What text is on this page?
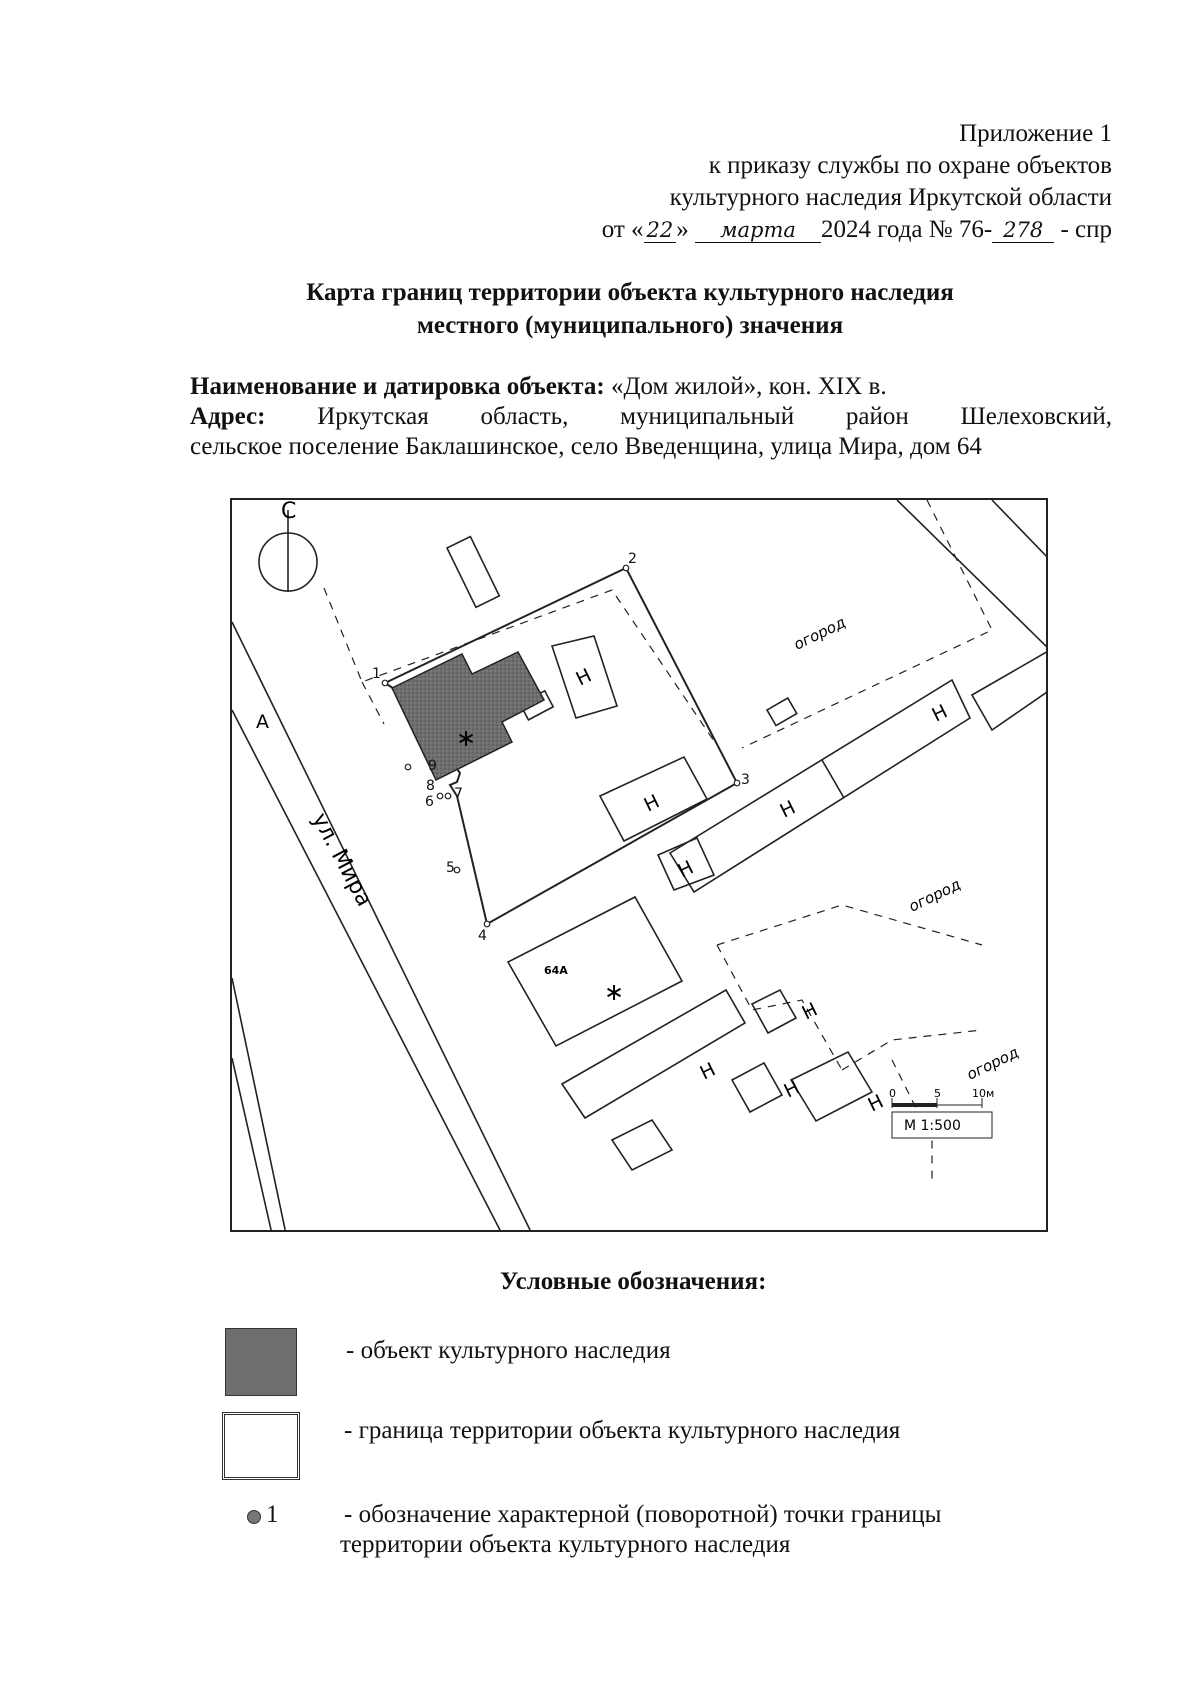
Приложение 1
к приказу службы по охране объектов
культурного наследия Иркутской области
от « 22 » марта 2024 года № 76- 278 - спр
Карта границ территории объекта культурного наследия
местного (муниципального) значения
Наименование и датировка объекта: «Дом жилой», кон. XIX в.
Адрес: Иркутская область, муниципальный район Шелеховский,
сельское поселение Баклашинское, село Введенщина, улица Мира, дом 64
1
2
3
4
5
6 7
8
9
С
А
ул. Мира
огород
огород
огород
Н
Н	Н
Н
Н
Н
Н
Н
Н
64А
∗
∗
0	5	10м
М 1:500
Условные обозначения:
- объект культурного наследия
- граница территории объекта культурного наследия
1	- обозначение характерной (поворотной) точки границы
территории объекта культурного наследия
